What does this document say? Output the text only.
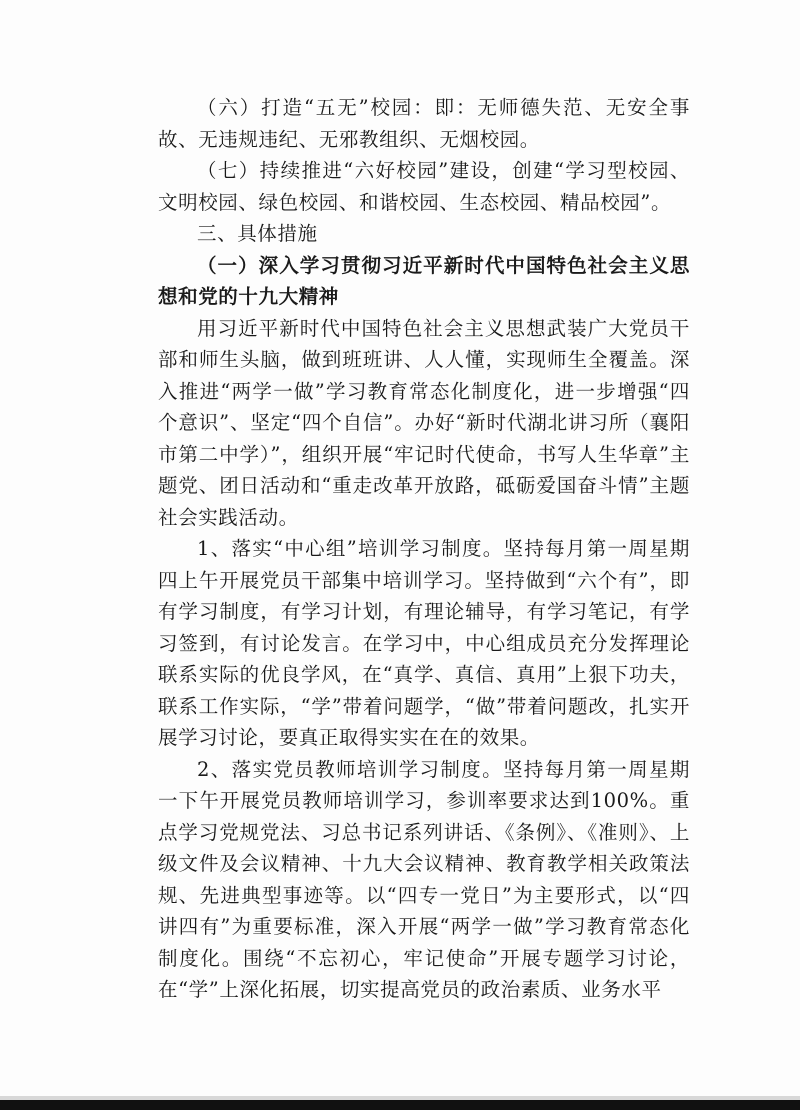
（六）打造“五无”校园：即：无师德失范、无安全事故、无违规违纪、无邪教组织、无烟校园。

（七）持续推进“六好校园”建设，创建“学习型校园、文明校园、绿色校园、和谐校园、生态校园、精品校园”。

三、具体措施

（一）深入学习贯彻习近平新时代中国特色社会主义思想和党的十九大精神

用习近平新时代中国特色社会主义思想武装广大党员干部和师生头脑，做到班班讲、人人懂，实现师生全覆盖。深入推进“两学一做”学习教育常态化制度化，进一步增强“四个意识”、坚定“四个自信”。办好“新时代湖北讲习所（襄阳市第二中学）”，组织开展“牢记时代使命，书写人生华章”主题党、团日活动和“重走改革开放路，砥砺爱国奋斗情”主题社会实践活动。

1、落实“中心组”培训学习制度。坚持每月第一周星期四上午开展党员干部集中培训学习。坚持做到“六个有”，即有学习制度，有学习计划，有理论辅导，有学习笔记，有学习签到，有讨论发言。在学习中，中心组成员充分发挥理论联系实际的优良学风，在“真学、真信、真用”上狠下功夫，联系工作实际，“学”带着问题学，“做”带着问题改，扎实开展学习讨论，要真正取得实实在在的效果。

2、落实党员教师培训学习制度。坚持每月第一周星期一下午开展党员教师培训学习，参训率要求达到100%。重点学习党规党法、习总书记系列讲话、《条例》、《准则》、上级文件及会议精神、十九大会议精神、教育教学相关政策法规、先进典型事迹等。以“四专一党日”为主要形式，以“四讲四有”为重要标准，深入开展“两学一做”学习教育常态化制度化。围绕“不忘初心，牢记使命”开展专题学习讨论，在“学”上深化拓展，切实提高党员的政治素质、业务水平
